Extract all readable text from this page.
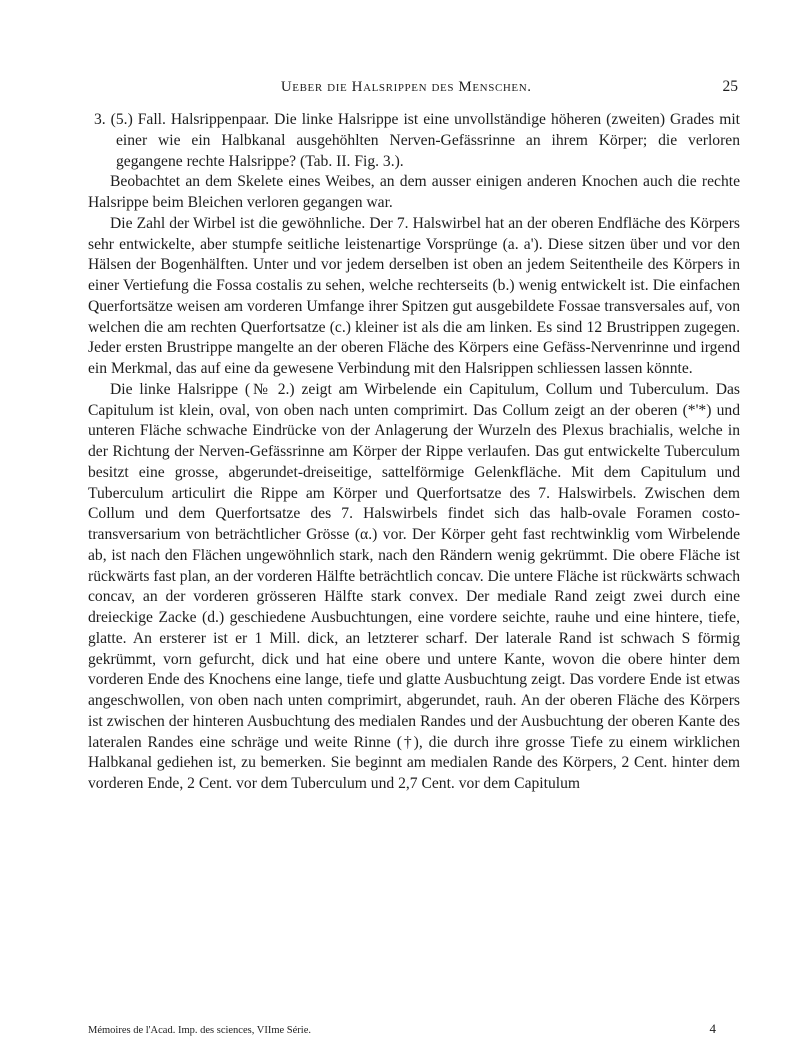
Ueber die Halsrippen des Menschen.	25

3. (5.) Fall. Halsrippenpaar. Die linke Halsrippe ist eine unvollständige höheren (zweiten) Grades mit einer wie ein Halbkanal ausgehöhlten Nerven-Gefässrinne an ihrem Körper; die verloren gegangene rechte Halsrippe? (Tab. II. Fig. 3.).

Beobachtet an dem Skelete eines Weibes, an dem ausser einigen anderen Knochen auch die rechte Halsrippe beim Bleichen verloren gegangen war.

Die Zahl der Wirbel ist die gewöhnliche. Der 7. Halswirbel hat an der oberen Endfläche des Körpers sehr entwickelte, aber stumpfe seitliche leistenartige Vorsprünge (a. a'). Diese sitzen über und vor den Hälsen der Bogenhälften. Unter und vor jedem derselben ist oben an jedem Seitentheile des Körpers in einer Vertiefung die Fossa costalis zu sehen, welche rechterseits (b.) wenig entwickelt ist. Die einfachen Querfortsätze weisen am vorderen Umfange ihrer Spitzen gut ausgebildete Fossae transversales auf, von welchen die am rechten Querfortsatze (c.) kleiner ist als die am linken. Es sind 12 Brustrippen zugegen. Jeder ersten Brustrippe mangelte an der oberen Fläche des Körpers eine Gefäss-Nervenrinne und irgend ein Merkmal, das auf eine da gewesene Verbindung mit den Halsrippen schliessen lassen könnte.

Die linke Halsrippe (№ 2.) zeigt am Wirbelende ein Capitulum, Collum und Tuberculum. Das Capitulum ist klein, oval, von oben nach unten comprimirt. Das Collum zeigt an der oberen (*'*) und unteren Fläche schwache Eindrücke von der Anlagerung der Wurzeln des Plexus brachialis, welche in der Richtung der Nerven-Gefässrinne am Körper der Rippe verlaufen. Das gut entwickelte Tuberculum besitzt eine grosse, abgerundet-dreiseitige, sattelförmige Gelenkfläche. Mit dem Capitulum und Tuberculum articulirt die Rippe am Körper und Querfortsatze des 7. Halswirbels. Zwischen dem Collum und dem Querfortsatze des 7. Halswirbels findet sich das halb-ovale Foramen costo-transversarium von beträchtlicher Grösse (α.) vor. Der Körper geht fast rechtwinklig vom Wirbelende ab, ist nach den Flächen ungewöhnlich stark, nach den Rändern wenig gekrümmt. Die obere Fläche ist rückwärts fast plan, an der vorderen Hälfte beträchtlich concav. Die untere Fläche ist rückwärts schwach concav, an der vorderen grösseren Hälfte stark convex. Der mediale Rand zeigt zwei durch eine dreieckige Zacke (d.) geschiedene Ausbuchtungen, eine vordere seichte, rauhe und eine hintere, tiefe, glatte. An ersterer ist er 1 Mill. dick, an letzterer scharf. Der laterale Rand ist schwach S förmig gekrümmt, vorn gefurcht, dick und hat eine obere und untere Kante, wovon die obere hinter dem vorderen Ende des Knochens eine lange, tiefe und glatte Ausbuchtung zeigt. Das vordere Ende ist etwas angeschwollen, von oben nach unten comprimirt, abgerundet, rauh. An der oberen Fläche des Körpers ist zwischen der hinteren Ausbuchtung des medialen Randes und der Ausbuchtung der oberen Kante des lateralen Randes eine schräge und weite Rinne (†), die durch ihre grosse Tiefe zu einem wirklichen Halbkanal gediehen ist, zu bemerken. Sie beginnt am medialen Rande des Körpers, 2 Cent. hinter dem vorderen Ende, 2 Cent. vor dem Tuberculum und 2,7 Cent. vor dem Capitulum

Mémoires de l'Acad. Imp. des sciences, VIIme Série.	4
